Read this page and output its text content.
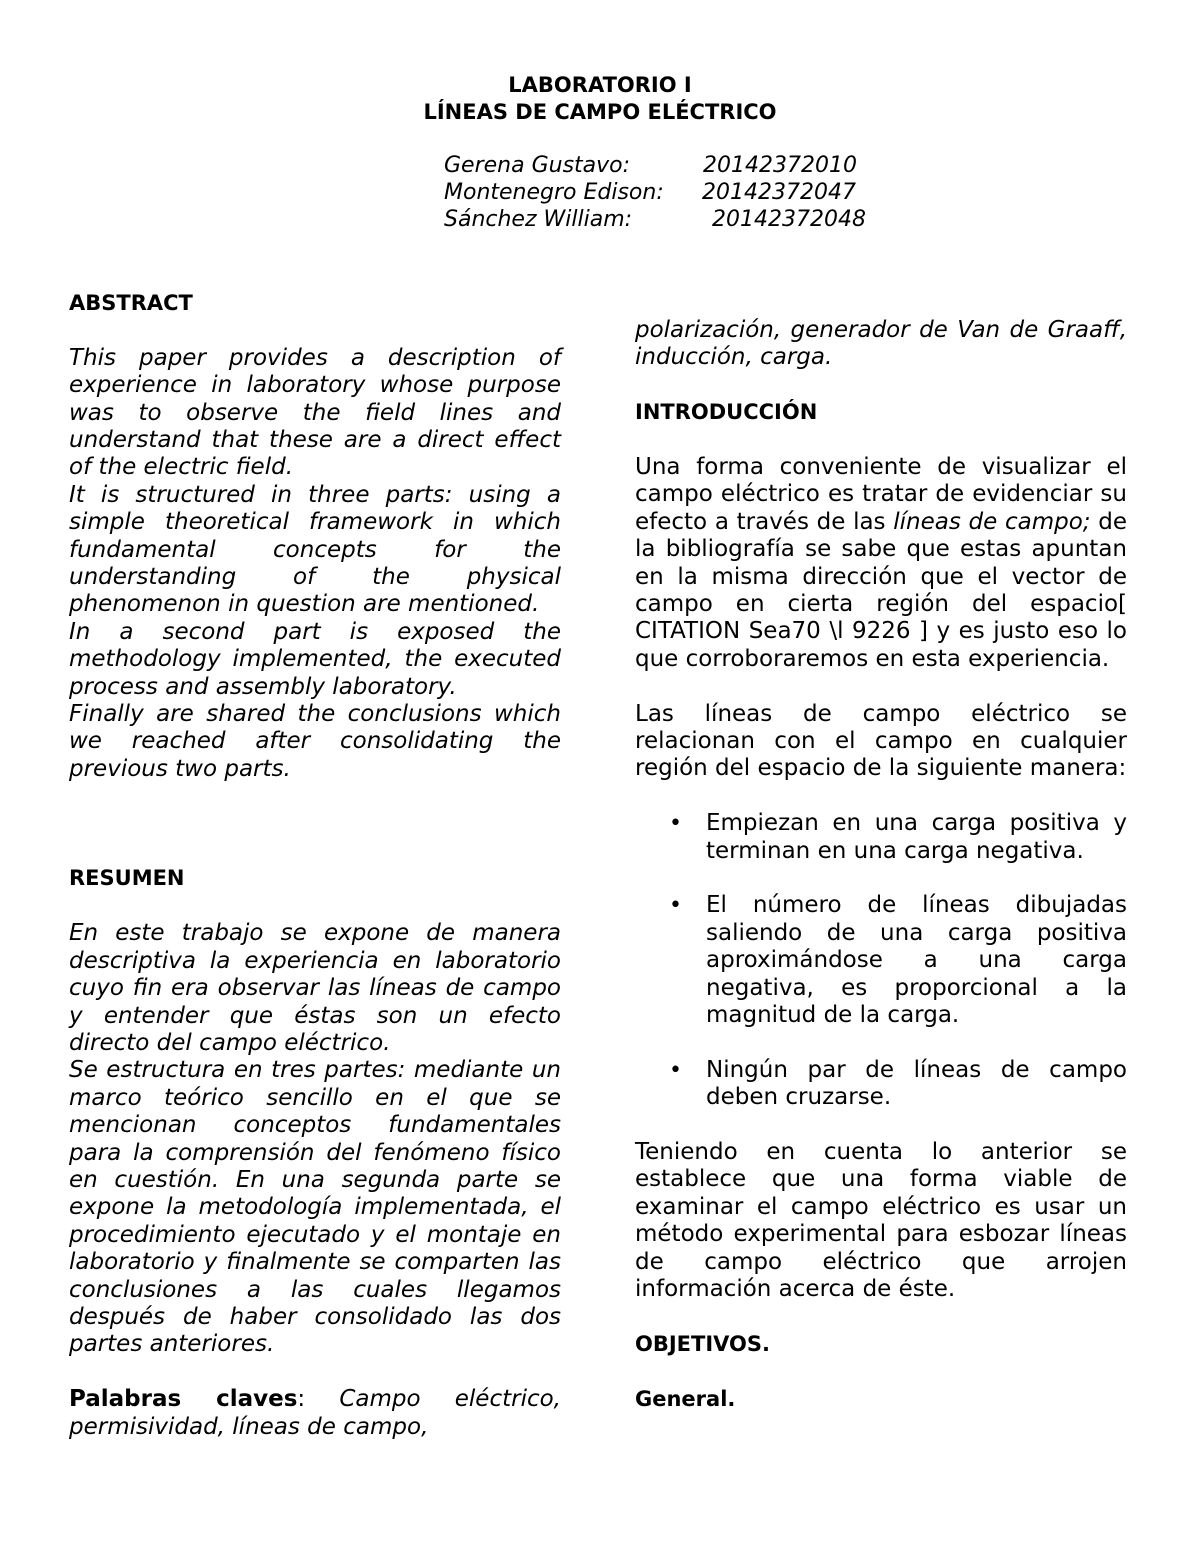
LABORATORIO I
LÍNEAS DE CAMPO ELÉCTRICO
Gerena Gustavo:	20142372010
Montenegro Edison: 20142372047
Sánchez William:	20142372048

ABSTRACT

This paper provides a description of experience in laboratory whose purpose was to observe the field lines and understand that these are a direct effect of the electric field.

It is structured in three parts: using a simple theoretical framework in which fundamental concepts for the understanding of the physical phenomenon in question are mentioned.

In a second part is exposed the methodology implemented, the executed process and assembly laboratory.

Finally are shared the conclusions which we reached after consolidating the previous two parts.

RESUMEN

En este trabajo se expone de manera descriptiva la experiencia en laboratorio cuyo fin era observar las líneas de campo y entender que éstas son un efecto directo del campo eléctrico.

Se estructura en tres partes: mediante un marco teórico sencillo en el que se mencionan conceptos fundamentales para la comprensión del fenómeno físico en cuestión. En una segunda parte se expone la metodología implementada, el procedimiento ejecutado y el montaje en laboratorio y finalmente se comparten las conclusiones a las cuales llegamos después de haber consolidado las dos partes anteriores.

Palabras claves: Campo eléctrico, permisividad, líneas de campo,

polarización, generador de Van de Graaff, inducción, carga.

INTRODUCCIÓN

Una forma conveniente de visualizar el campo eléctrico es tratar de evidenciar su efecto a través de las líneas de campo; de la bibliografía se sabe que estas apuntan en la misma dirección que el vector de campo en cierta región del espacio[ CITATION Sea70 \l 9226 ] y es justo eso lo que corroboraremos en esta experiencia.

Las líneas de campo eléctrico se relacionan con el campo en cualquier región del espacio de la siguiente manera:

• Empiezan en una carga positiva y terminan en una carga negativa.
• El número de líneas dibujadas saliendo de una carga positiva aproximándose a una carga negativa, es proporcional a la magnitud de la carga.
• Ningún par de líneas de campo deben cruzarse.

Teniendo en cuenta lo anterior se establece que una forma viable de examinar el campo eléctrico es usar un método experimental para esbozar líneas de campo eléctrico que arrojen información acerca de éste.

OBJETIVOS.

General.
